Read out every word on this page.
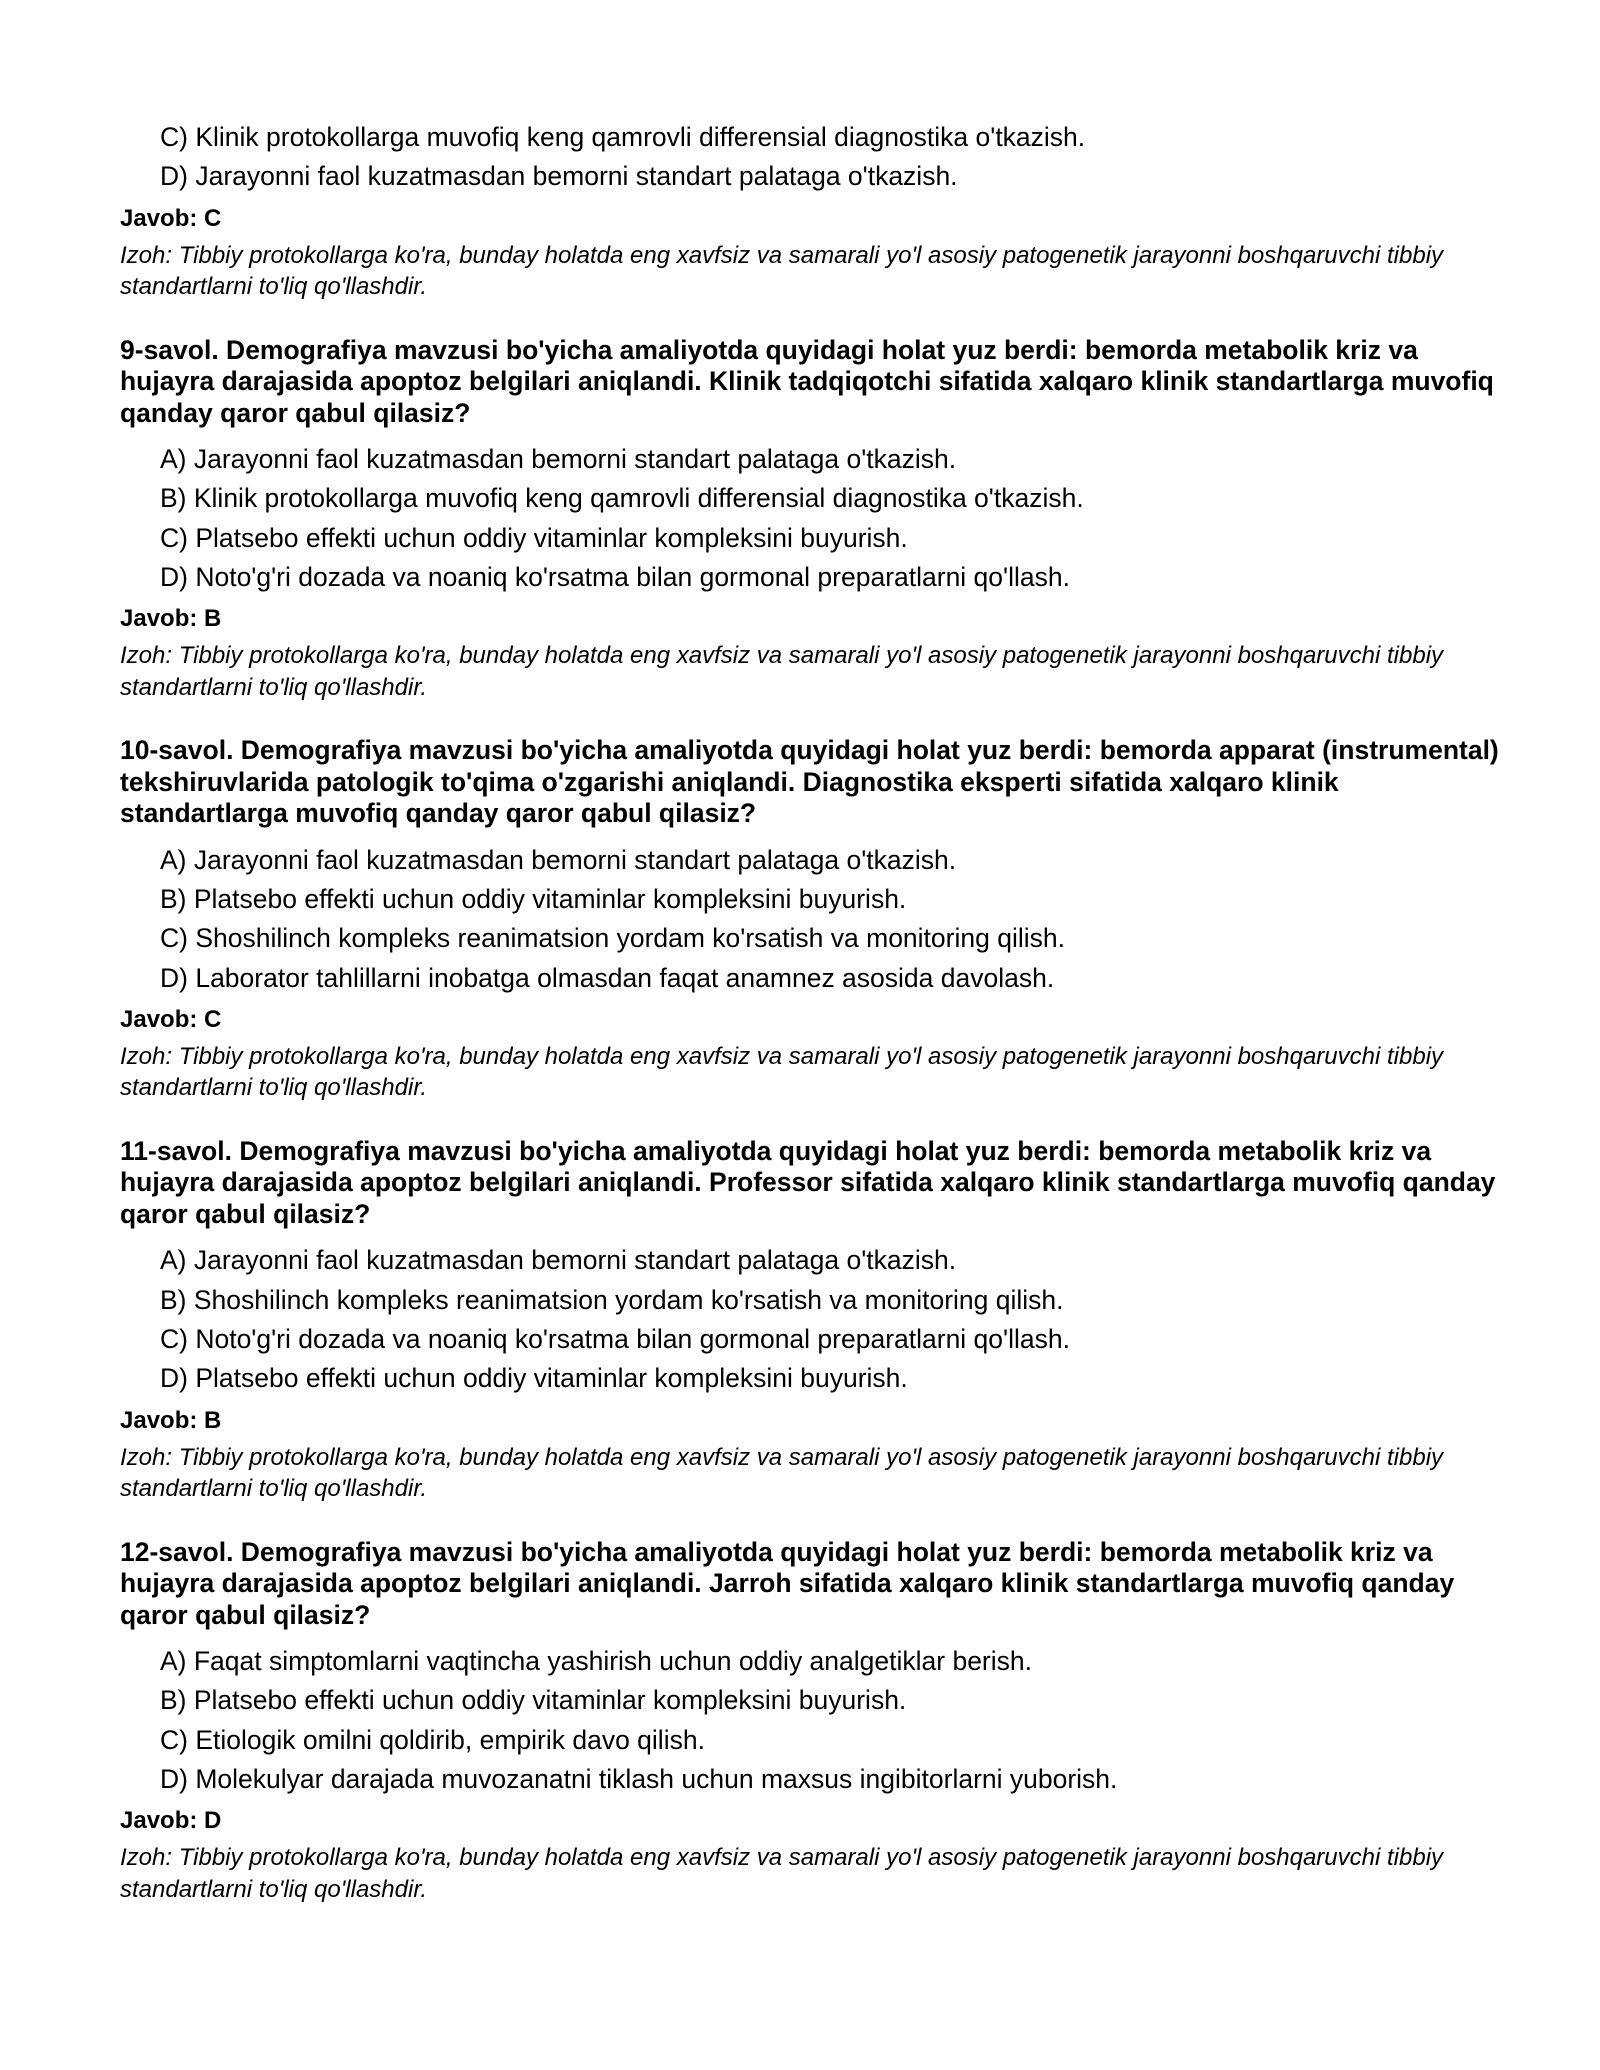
C) Klinik protokollarga muvofiq keng qamrovli differensial diagnostika o'tkazish.
D) Jarayonni faol kuzatmasdan bemorni standart palataga o'tkazish.
Javob: C
Izoh: Tibbiy protokollarga ko'ra, bunday holatda eng xavfsiz va samarali yo'l asosiy patogenetik jarayonni boshqaruvchi tibbiy standartlarni to'liq qo'llashdir.
9-savol. Demografiya mavzusi bo'yicha amaliyotda quyidagi holat yuz berdi: bemorda metabolik kriz va hujayra darajasida apoptoz belgilari aniqlandi. Klinik tadqiqotchi sifatida xalqaro klinik standartlarga muvofiq qanday qaror qabul qilasiz?
A) Jarayonni faol kuzatmasdan bemorni standart palataga o'tkazish.
B) Klinik protokollarga muvofiq keng qamrovli differensial diagnostika o'tkazish.
C) Platsebo effekti uchun oddiy vitaminlar kompleksini buyurish.
D) Noto'g'ri dozada va noaniq ko'rsatma bilan gormonal preparatlarni qo'llash.
Javob: B
Izoh: Tibbiy protokollarga ko'ra, bunday holatda eng xavfsiz va samarali yo'l asosiy patogenetik jarayonni boshqaruvchi tibbiy standartlarni to'liq qo'llashdir.
10-savol. Demografiya mavzusi bo'yicha amaliyotda quyidagi holat yuz berdi: bemorda apparat (instrumental) tekshiruvlarida patologik to'qima o'zgarishi aniqlandi. Diagnostika eksperti sifatida xalqaro klinik standartlarga muvofiq qanday qaror qabul qilasiz?
A) Jarayonni faol kuzatmasdan bemorni standart palataga o'tkazish.
B) Platsebo effekti uchun oddiy vitaminlar kompleksini buyurish.
C) Shoshilinch kompleks reanimatsion yordam ko'rsatish va monitoring qilish.
D) Laborator tahlillarni inobatga olmasdan faqat anamnez asosida davolash.
Javob: C
Izoh: Tibbiy protokollarga ko'ra, bunday holatda eng xavfsiz va samarali yo'l asosiy patogenetik jarayonni boshqaruvchi tibbiy standartlarni to'liq qo'llashdir.
11-savol. Demografiya mavzusi bo'yicha amaliyotda quyidagi holat yuz berdi: bemorda metabolik kriz va hujayra darajasida apoptoz belgilari aniqlandi. Professor sifatida xalqaro klinik standartlarga muvofiq qanday qaror qabul qilasiz?
A) Jarayonni faol kuzatmasdan bemorni standart palataga o'tkazish.
B) Shoshilinch kompleks reanimatsion yordam ko'rsatish va monitoring qilish.
C) Noto'g'ri dozada va noaniq ko'rsatma bilan gormonal preparatlarni qo'llash.
D) Platsebo effekti uchun oddiy vitaminlar kompleksini buyurish.
Javob: B
Izoh: Tibbiy protokollarga ko'ra, bunday holatda eng xavfsiz va samarali yo'l asosiy patogenetik jarayonni boshqaruvchi tibbiy standartlarni to'liq qo'llashdir.
12-savol. Demografiya mavzusi bo'yicha amaliyotda quyidagi holat yuz berdi: bemorda metabolik kriz va hujayra darajasida apoptoz belgilari aniqlandi. Jarroh sifatida xalqaro klinik standartlarga muvofiq qanday qaror qabul qilasiz?
A) Faqat simptomlarni vaqtincha yashirish uchun oddiy analgetiklar berish.
B) Platsebo effekti uchun oddiy vitaminlar kompleksini buyurish.
C) Etiologik omilni qoldirib, empirik davo qilish.
D) Molekulyar darajada muvozanatni tiklash uchun maxsus ingibitorlarni yuborish.
Javob: D
Izoh: Tibbiy protokollarga ko'ra, bunday holatda eng xavfsiz va samarali yo'l asosiy patogenetik jarayonni boshqaruvchi tibbiy standartlarni to'liq qo'llashdir.
